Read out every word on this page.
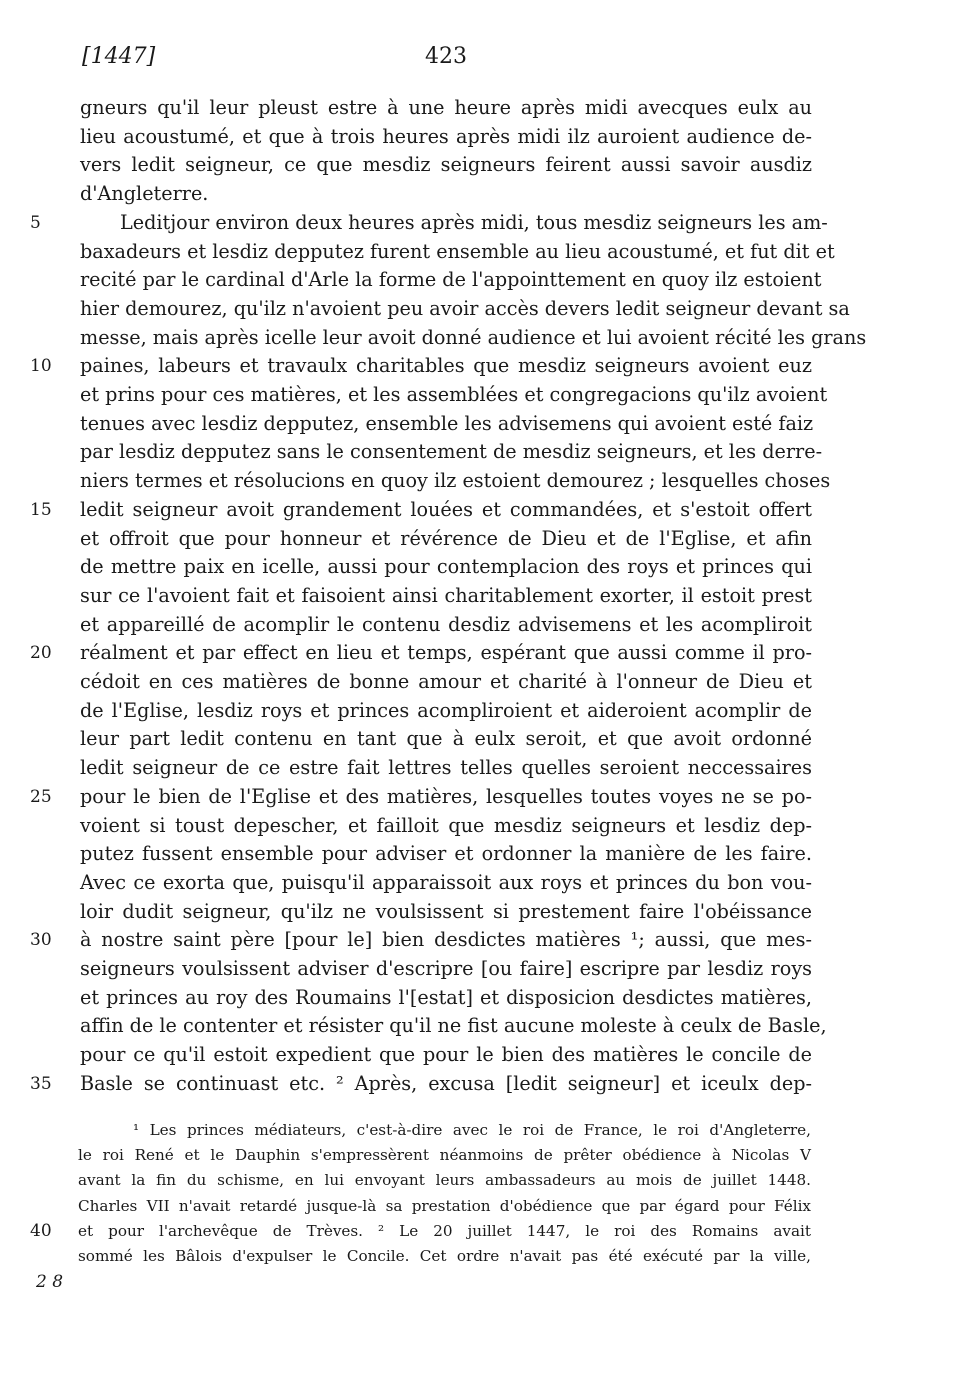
[1447]	423
gneurs qu'il leur pleust estre à une heure après midi avecques eulx au
lieu acoustumé, et que à trois heures après midi ilz auroient audience de-
vers ledit seigneur, ce que mesdiz seigneurs feirent aussi savoir ausdiz
d'Angleterre.
Leditjour environ deux heures après midi, tous mesdiz seigneurs les am-
baxadeurs et lesdiz depputez furent ensemble au lieu acoustumé, et fut dit et
recité par le cardinal d'Arle la forme de l'appointtement en quoy ilz estoient
hier demourez, qu'ilz n'avoient peu avoir accès devers ledit seigneur devant sa
messe, mais après icelle leur avoit donné audience et lui avoient récité les grans
paines, labeurs et travaulx charitables que mesdiz seigneurs avoient euz
et prins pour ces matières, et les assemblées et congregacions qu'ilz avoient
tenues avec lesdiz depputez, ensemble les advisemens qui avoient esté faiz
par lesdiz depputez sans le consentement de mesdiz seigneurs, et les derre-
niers termes et résolucions en quoy ilz estoient demourez ; lesquelles choses
ledit seigneur avoit grandement louées et commandées, et s'estoit offert
et offroit que pour honneur et révérence de Dieu et de l'Eglise, et afin
de mettre paix en icelle, aussi pour contemplacion des roys et princes qui
sur ce l'avoient fait et faisoient ainsi charitablement exorter, il estoit prest
et appareillé de acomplir le contenu desdiz advisemens et les acompliroit
réalment et par effect en lieu et temps, espérant que aussi comme il pro-
cédoit en ces matières de bonne amour et charité à l'onneur de Dieu et
de l'Eglise, lesdiz roys et princes acompliroient et aideroient acomplir de
leur part ledit contenu en tant que à eulx seroit, et que avoit ordonné
ledit seigneur de ce estre fait lettres telles quelles seroient neccessaires
pour le bien de l'Eglise et des matières, lesquelles toutes voyes ne se po-
voient si toust depescher, et failloit que mesdiz seigneurs et lesdiz dep-
putez fussent ensemble pour adviser et ordonner la manière de les faire.
Avec ce exorta que, puisqu'il apparaissoit aux roys et princes du bon vou-
loir dudit seigneur, qu'ilz ne voulsissent si prestement faire l'obéissance
à nostre saint père [pour le] bien desdictes matières ¹; aussi, que mes-
seigneurs voulsissent adviser d'escripre [ou faire] escripre par lesdiz roys
et princes au roy des Roumains l'[estat] et disposicion desdictes matières,
affin de le contenter et résister qu'il ne fist aucune moleste à ceulx de Basle,
pour ce qu'il estoit expedient que pour le bien des matières le concile de
Basle se continuast etc. ² Après, excusa [ledit seigneur] et iceulx dep-
5
10
15
20
25
30
35
¹ Les princes médiateurs, c'est-à-dire avec le roi de France, le roi d'Angleterre,
le roi René et le Dauphin s'empressèrent néanmoins de prêter obédience à Nicolas V
avant la fin du schisme, en lui envoyant leurs ambassadeurs au mois de juillet 1448.
Charles VII n'avait retardé jusque-là sa prestation d'obédience que par égard pour Félix
et pour l'archevêque de Trèves. ² Le 20 juillet 1447, le roi des Romains avait
sommé les Bâlois d'expulser le Concile. Cet ordre n'avait pas été exécuté par la ville,
40
2 8
